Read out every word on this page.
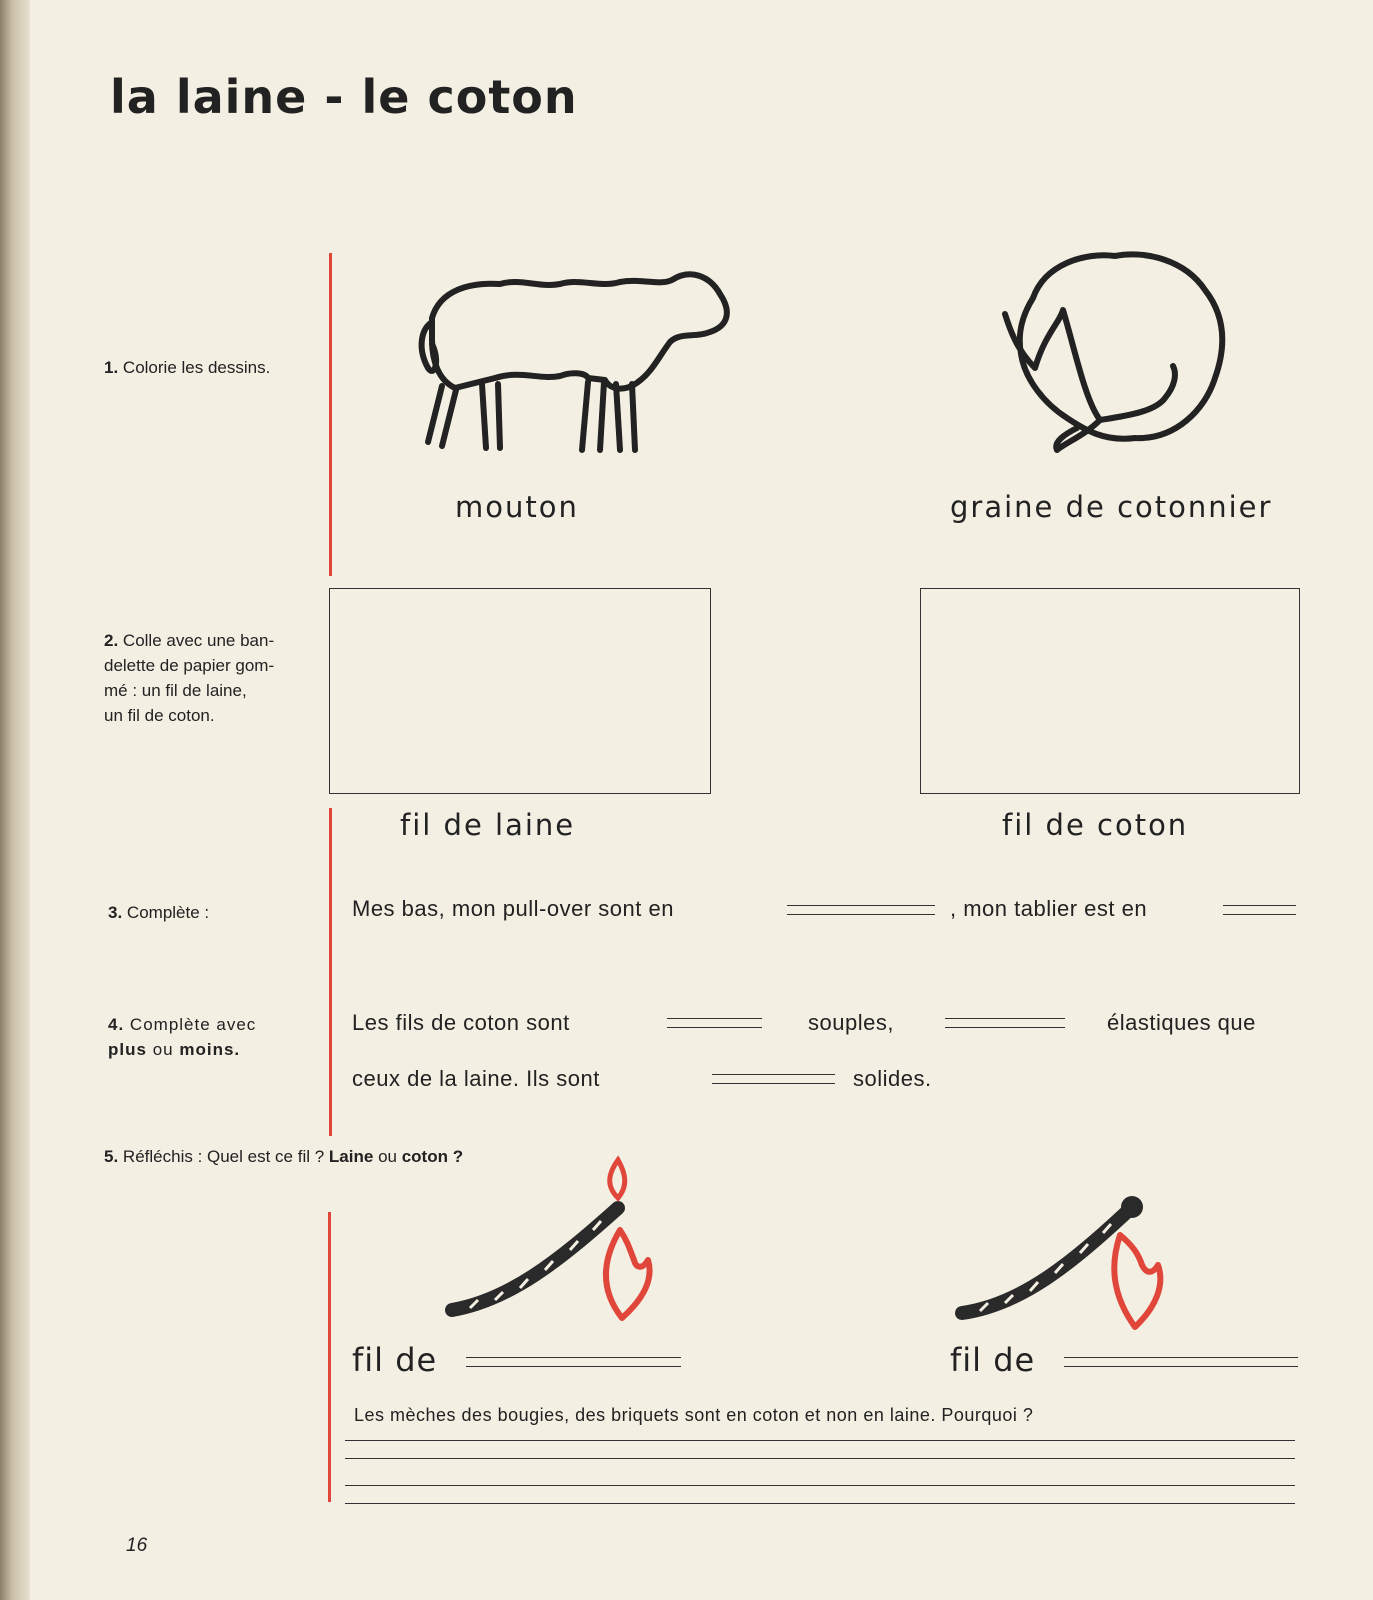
la laine - le coton
1. Colorie les dessins.
2. Colle avec une ban-
delette de papier gom-
mé : un fil de laine,
un fil de coton.
3. Complète :
4. Complète avec
plus ou moins.
5. Réfléchis : Quel est ce fil ? Laine ou coton ?
mouton	graine de cotonnier
fil de laine	fil de coton
Mes bas, mon pull-over sont en	, mon tablier est en
Les fils de coton sont	souples,	élastiques que
ceux de la laine. Ils sont	solides.
fil de	fil de
Les mèches des bougies, des briquets sont en coton et non en laine. Pourquoi ?
16
